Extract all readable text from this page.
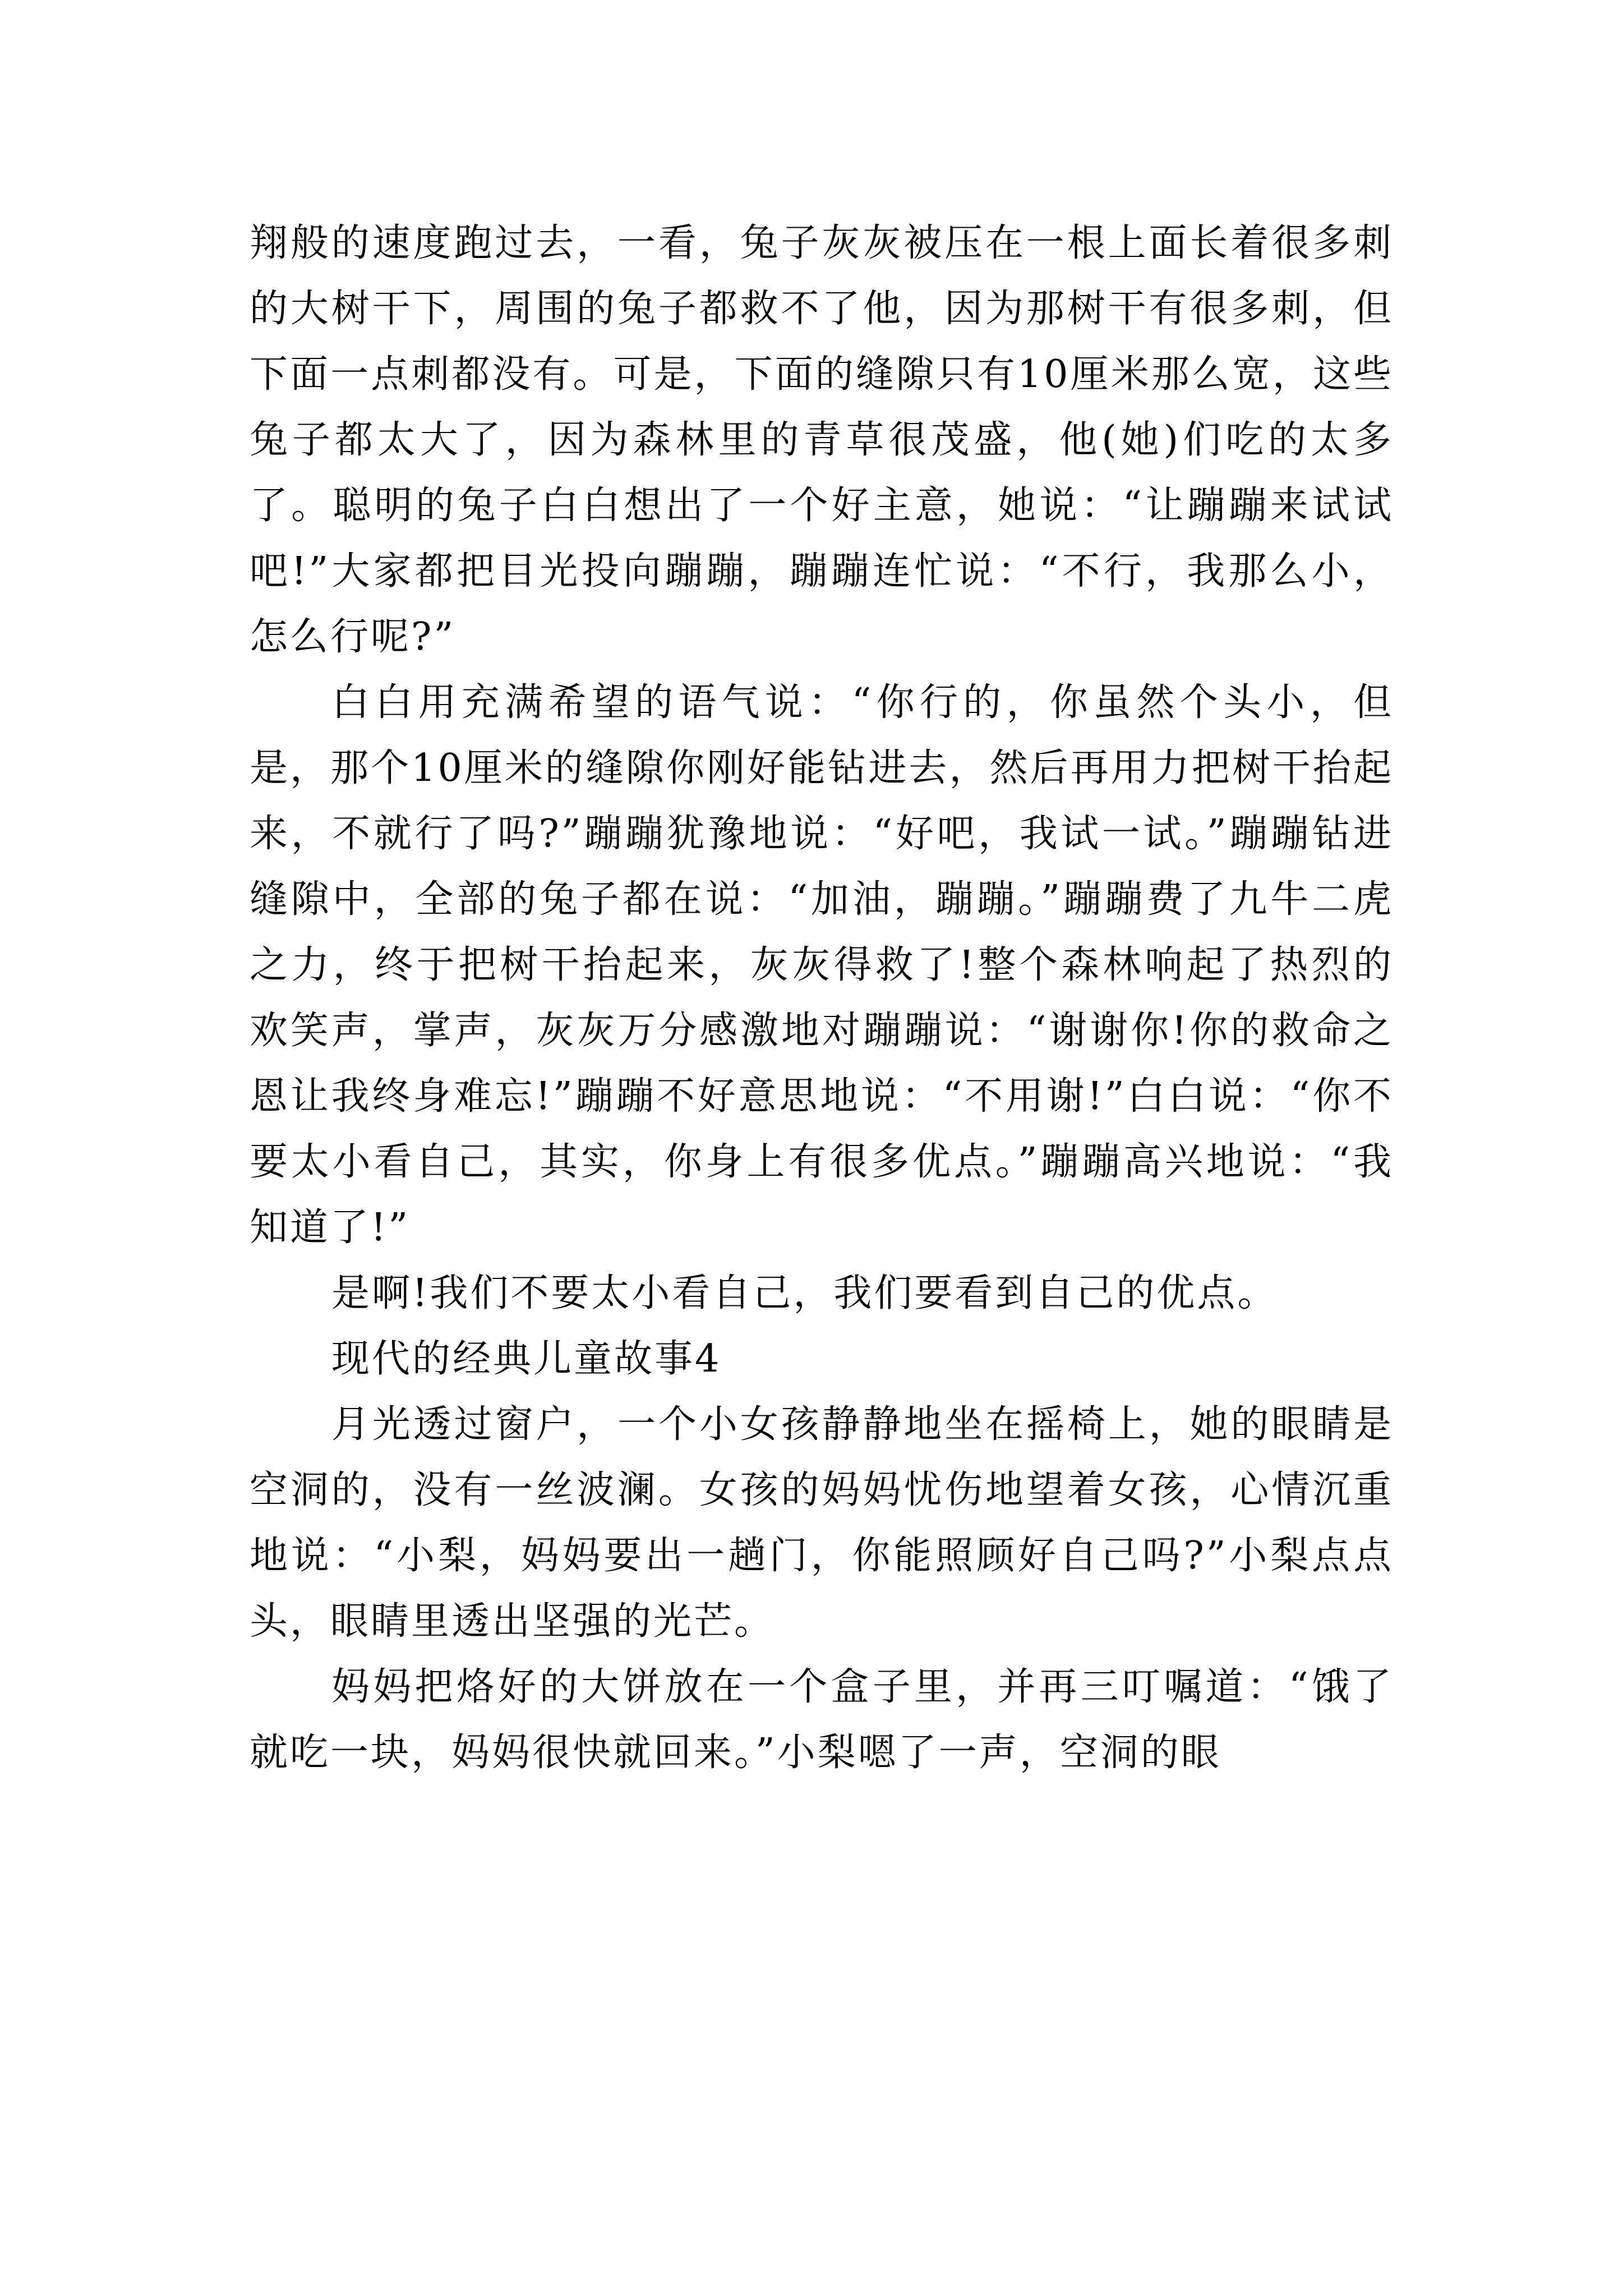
翔般的速度跑过去，一看，兔子灰灰被压在一根上面长着很多刺的大树干下，周围的兔子都救不了他，因为那树干有很多刺，但下面一点刺都没有。可是，下面的缝隙只有10厘米那么宽，这些兔子都太大了，因为森林里的青草很茂盛，他(她)们吃的太多了。聪明的兔子白白想出了一个好主意，她说：“让蹦蹦来试试吧!”大家都把目光投向蹦蹦，蹦蹦连忙说：“不行，我那么小，怎么行呢?”

白白用充满希望的语气说：“你行的，你虽然个头小，但是，那个10厘米的缝隙你刚好能钻进去，然后再用力把树干抬起来，不就行了吗?”蹦蹦犹豫地说：“好吧，我试一试。”蹦蹦钻进缝隙中，全部的兔子都在说：“加油，蹦蹦。”蹦蹦费了九牛二虎之力，终于把树干抬起来，灰灰得救了!整个森林响起了热烈的欢笑声，掌声，灰灰万分感激地对蹦蹦说：“谢谢你!你的救命之恩让我终身难忘!”蹦蹦不好意思地说：“不用谢!”白白说：“你不要太小看自己，其实，你身上有很多优点。”蹦蹦高兴地说：“我知道了!”

是啊!我们不要太小看自己，我们要看到自己的优点。

现代的经典儿童故事4

月光透过窗户，一个小女孩静静地坐在摇椅上，她的眼睛是空洞的，没有一丝波澜。女孩的妈妈忧伤地望着女孩，心情沉重地说：“小梨，妈妈要出一趟门，你能照顾好自己吗?”小梨点点头，眼睛里透出坚强的光芒。

妈妈把烙好的大饼放在一个盒子里，并再三叮嘱道：“饿了就吃一块，妈妈很快就回来。”小梨嗯了一声，空洞的眼
